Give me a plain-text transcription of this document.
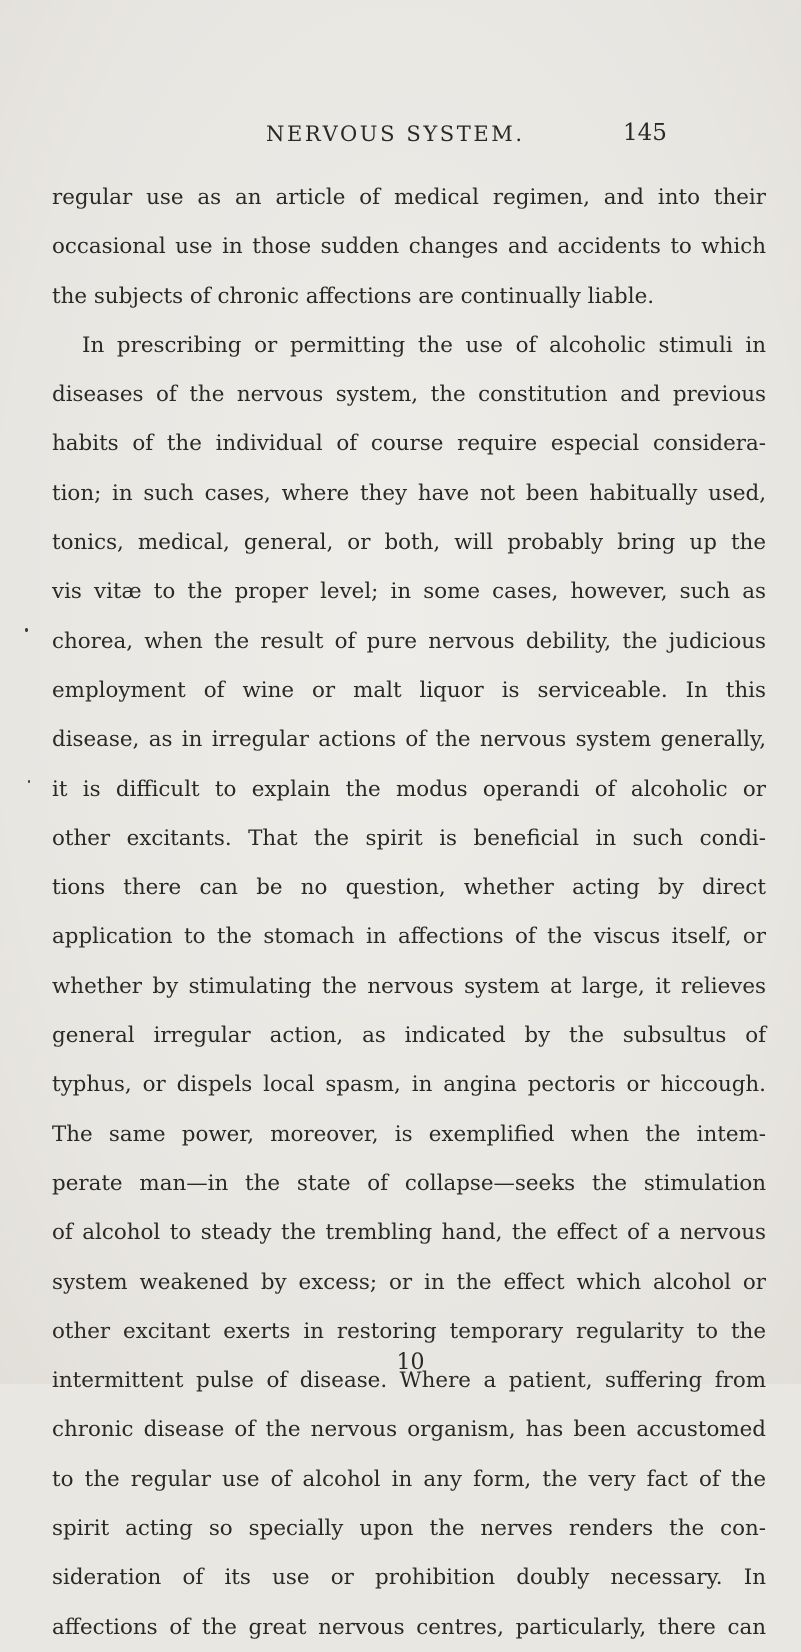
NERVOUS SYSTEM.	145
regular use as an article of medical regimen, and into their
occasional use in those sudden changes and accidents to which
the subjects of chronic affections are continually liable.
In prescribing or permitting the use of alcoholic stimuli in
diseases of the nervous system, the constitution and previous
habits of the individual of course require especial considera-
tion; in such cases, where they have not been habitually used,
tonics, medical, general, or both, will probably bring up the
vis vitæ to the proper level; in some cases, however, such as
chorea, when the result of pure nervous debility, the judicious
employment of wine or malt liquor is serviceable. In this
disease, as in irregular actions of the nervous system generally,
it is difficult to explain the modus operandi of alcoholic or
other excitants. That the spirit is beneficial in such condi-
tions there can be no question, whether acting by direct
application to the stomach in affections of the viscus itself, or
whether by stimulating the nervous system at large, it relieves
general irregular action, as indicated by the subsultus of
typhus, or dispels local spasm, in angina pectoris or hiccough.
The same power, moreover, is exemplified when the intem-
perate man—in the state of collapse—seeks the stimulation
of alcohol to steady the trembling hand, the effect of a nervous
system weakened by excess; or in the effect which alcohol or
other excitant exerts in restoring temporary regularity to the
intermittent pulse of disease. Where a patient, suffering from
chronic disease of the nervous organism, has been accustomed
to the regular use of alcohol in any form, the very fact of the
spirit acting so specially upon the nerves renders the con-
sideration of its use or prohibition doubly necessary. In
affections of the great nervous centres, particularly, there can
10
